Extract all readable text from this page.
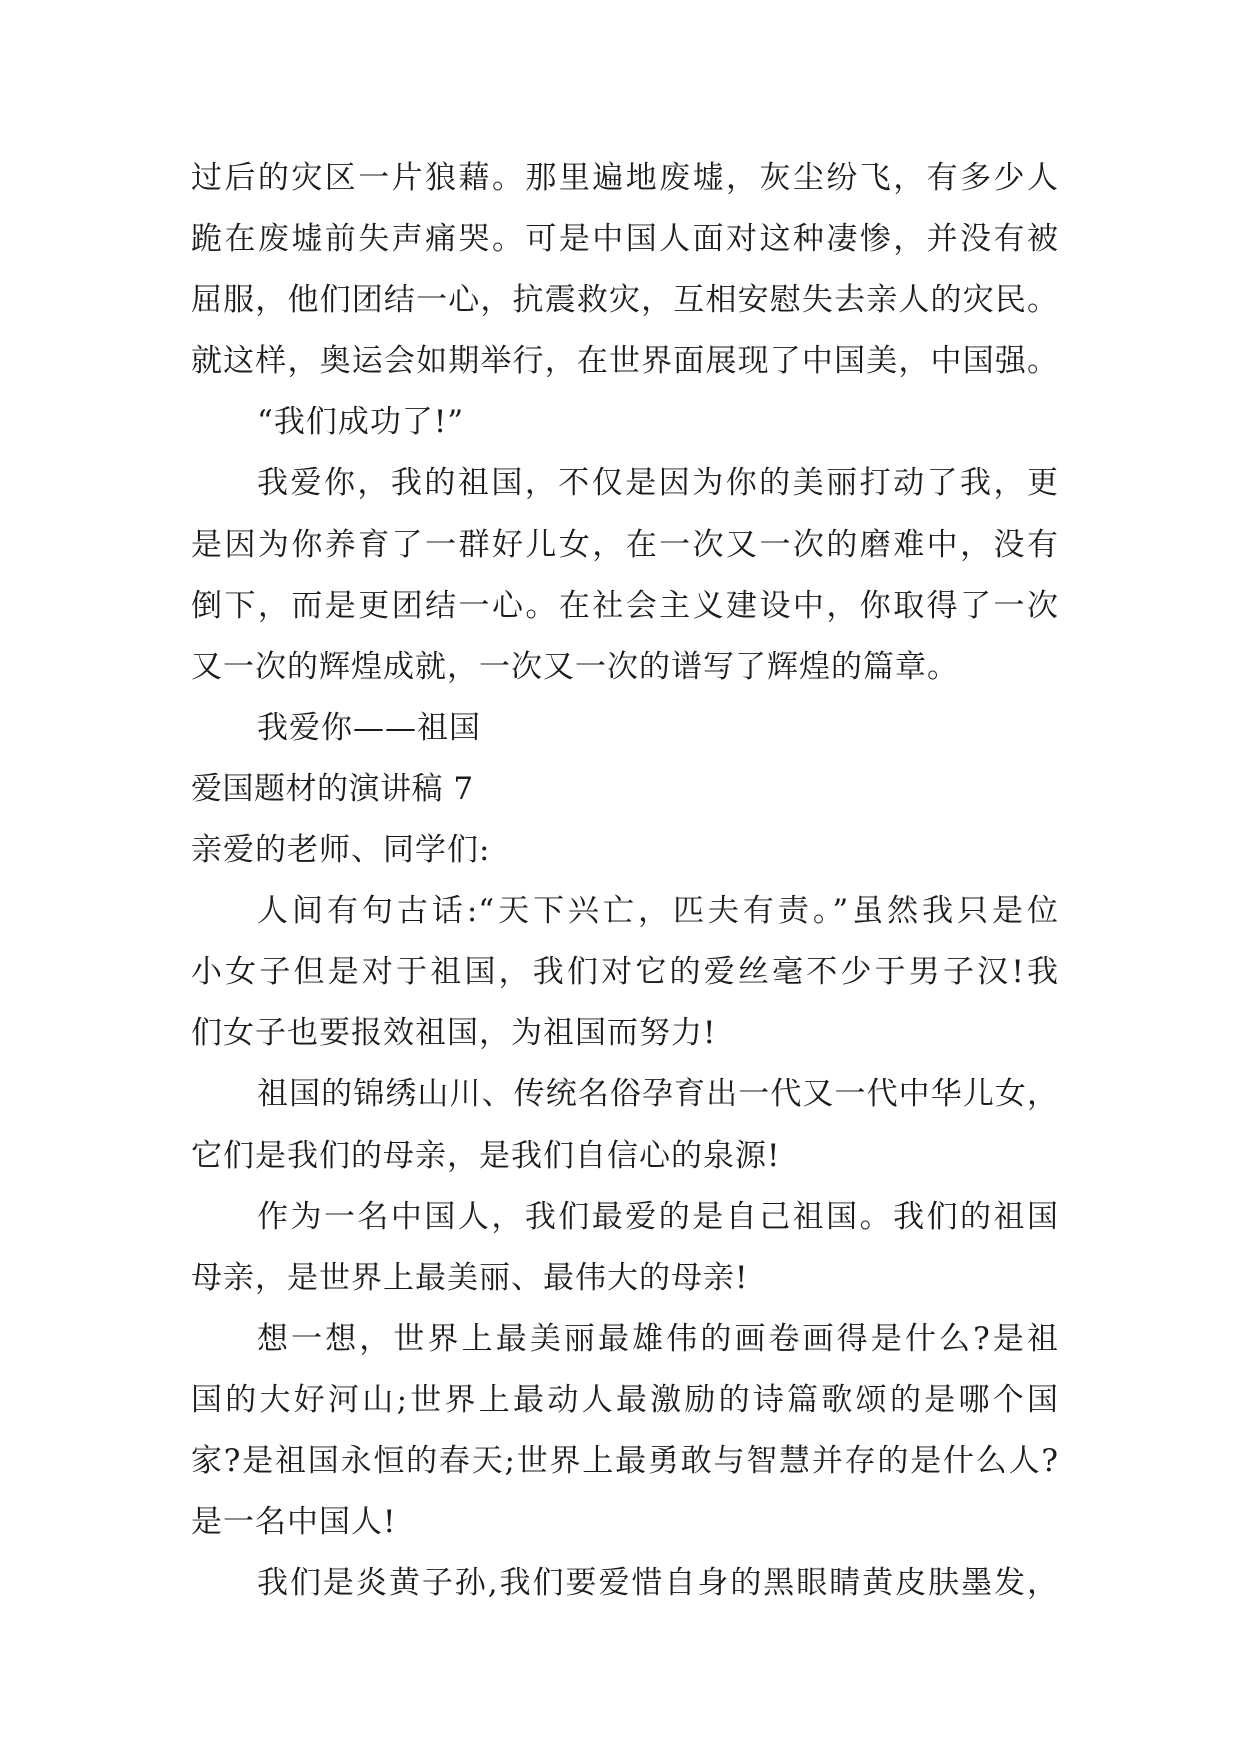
过后的灾区一片狼藉。那里遍地废墟，灰尘纷飞，有多少人
跪在废墟前失声痛哭。可是中国人面对这种凄惨，并没有被
屈服，他们团结一心，抗震救灾，互相安慰失去亲人的灾民。
就这样，奥运会如期举行，在世界面展现了中国美，中国强。
“我们成功了!”
我爱你，我的祖国，不仅是因为你的美丽打动了我，更
是因为你养育了一群好儿女，在一次又一次的磨难中，没有
倒下，而是更团结一心。在社会主义建设中，你取得了一次
又一次的辉煌成就，一次又一次的谱写了辉煌的篇章。
我爱你——祖国
爱国题材的演讲稿 7
亲爱的老师、同学们:
人间有句古话:“天下兴亡，匹夫有责。”虽然我只是位
小女子但是对于祖国，我们对它的爱丝毫不少于男子汉!我
们女子也要报效祖国，为祖国而努力!
祖国的锦绣山川、传统名俗孕育出一代又一代中华儿女，
它们是我们的母亲，是我们自信心的泉源!
作为一名中国人，我们最爱的是自己祖国。我们的祖国
母亲，是世界上最美丽、最伟大的母亲!
想一想，世界上最美丽最雄伟的画卷画得是什么?是祖
国的大好河山;世界上最动人最激励的诗篇歌颂的是哪个国
家?是祖国永恒的春天;世界上最勇敢与智慧并存的是什么人?
是一名中国人!
我们是炎黄子孙,我们要爱惜自身的黑眼睛黄皮肤墨发，
